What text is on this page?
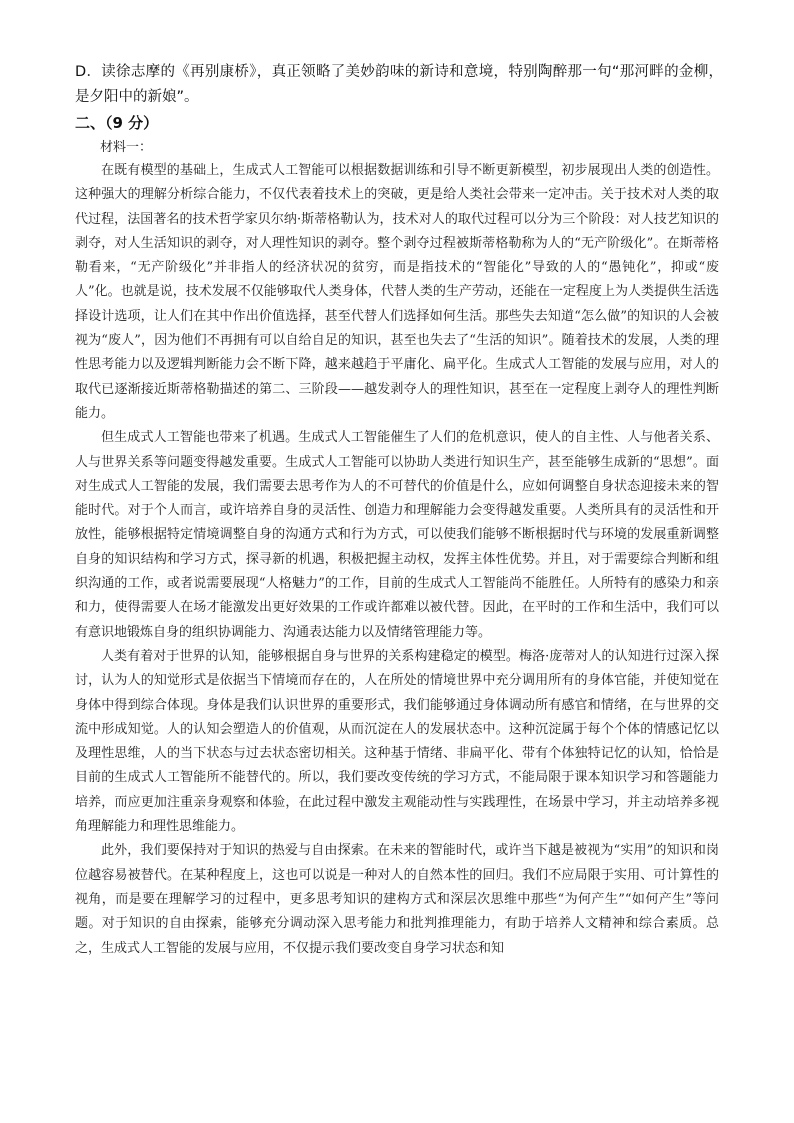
D．读徐志摩的《再别康桥》，真正领略了美妙韵味的新诗和意境，特别陶醉那一句“那河畔的金柳，是夕阳中的新娘”。
二、（9 分）
材料一：

在既有模型的基础上，生成式人工智能可以根据数据训练和引导不断更新模型，初步展现出人类的创造性。这种强大的理解分析综合能力，不仅代表着技术上的突破，更是给人类社会带来一定冲击。关于技术对人类的取代过程，法国著名的技术哲学家贝尔纳·斯蒂格勒认为，技术对人的取代过程可以分为三个阶段：对人技艺知识的剥夺，对人生活知识的剥夺，对人理性知识的剥夺。整个剥夺过程被斯蒂格勒称为人的“无产阶级化”。在斯蒂格勒看来，“无产阶级化”并非指人的经济状况的贫穷，而是指技术的“智能化”导致的人的“愚钝化”，抑或“废人”化。也就是说，技术发展不仅能够取代人类身体，代替人类的生产劳动，还能在一定程度上为人类提供生活选择设计选项，让人们在其中作出价值选择，甚至代替人们选择如何生活。那些失去知道“怎么做”的知识的人会被视为“废人”，因为他们不再拥有可以自给自足的知识，甚至也失去了“生活的知识”。随着技术的发展，人类的理性思考能力以及逻辑判断能力会不断下降，越来越趋于平庸化、扁平化。生成式人工智能的发展与应用，对人的取代已逐渐接近斯蒂格勒描述的第二、三阶段——越发剥夺人的理性知识，甚至在一定程度上剥夺人的理性判断能力。

但生成式人工智能也带来了机遇。生成式人工智能催生了人们的危机意识，使人的自主性、人与他者关系、人与世界关系等问题变得越发重要。生成式人工智能可以协助人类进行知识生产，甚至能够生成新的“思想”。面对生成式人工智能的发展，我们需要去思考作为人的不可替代的价值是什么，应如何调整自身状态迎接未来的智能时代。对于个人而言，或许培养自身的灵活性、创造力和理解能力会变得越发重要。人类所具有的灵活性和开放性，能够根据特定情境调整自身的沟通方式和行为方式，可以使我们能够不断根据时代与环境的发展重新调整自身的知识结构和学习方式，探寻新的机遇，积极把握主动权，发挥主体性优势。并且，对于需要综合判断和组织沟通的工作，或者说需要展现“人格魅力”的工作，目前的生成式人工智能尚不能胜任。人所特有的感染力和亲和力，使得需要人在场才能激发出更好效果的工作或许都难以被代替。因此，在平时的工作和生活中，我们可以有意识地锻炼自身的组织协调能力、沟通表达能力以及情绪管理能力等。

人类有着对于世界的认知，能够根据自身与世界的关系构建稳定的模型。梅洛·庞蒂对人的认知进行过深入探讨，认为人的知觉形式是依据当下情境而存在的，人在所处的情境世界中充分调用所有的身体官能，并使知觉在身体中得到综合体现。身体是我们认识世界的重要形式，我们能够通过身体调动所有感官和情绪，在与世界的交流中形成知觉。人的认知会塑造人的价值观，从而沉淀在人的发展状态中。这种沉淀属于每个个体的情感记忆以及理性思维，人的当下状态与过去状态密切相关。这种基于情绪、非扁平化、带有个体独特记忆的认知，恰恰是目前的生成式人工智能所不能替代的。所以，我们要改变传统的学习方式，不能局限于课本知识学习和答题能力培养，而应更加注重亲身观察和体验，在此过程中激发主观能动性与实践理性，在场景中学习，并主动培养多视角理解能力和理性思维能力。

此外，我们要保持对于知识的热爱与自由探索。在未来的智能时代，或许当下越是被视为“实用”的知识和岗位越容易被替代。在某种程度上，这也可以说是一种对人的自然本性的回归。我们不应局限于实用、可计算性的视角，而是要在理解学习的过程中，更多思考知识的建构方式和深层次思维中那些“为何产生”“如何产生”等问题。对于知识的自由探索，能够充分调动深入思考能力和批判推理能力，有助于培养人文精神和综合素质。总之，生成式人工智能的发展与应用，不仅提示我们要改变自身学习状态和知
